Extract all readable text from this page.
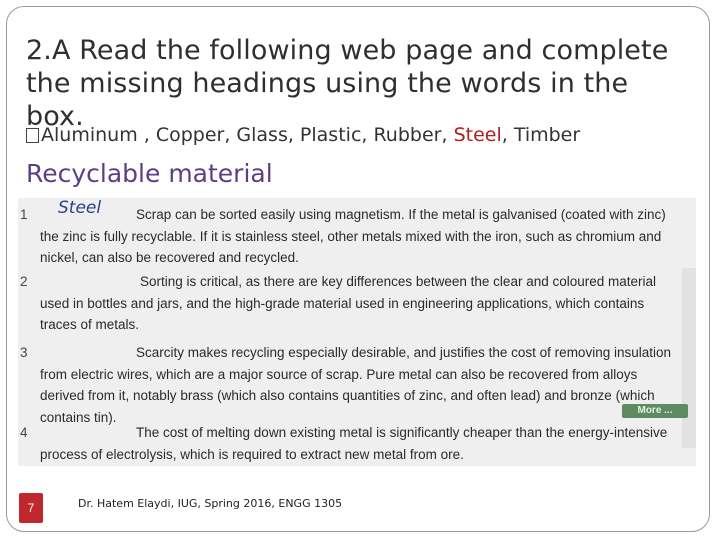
2.A Read the following web page and complete the missing headings using the words in the box.
Aluminum , Copper, Glass, Plastic, Rubber, Steel, Timber
Recyclable material
1 Steel	Scrap can be sorted easily using magnetism. If the metal is galvanised (coated with zinc) the zinc is fully recyclable. If it is stainless steel, other metals mixed with the iron, such as chromium and nickel, can also be recovered and recycled.
2	Sorting is critical, as there are key differences between the clear and coloured material used in bottles and jars, and the high-grade material used in engineering applications, which contains traces of metals.
3	Scarcity makes recycling especially desirable, and justifies the cost of removing insulation from electric wires, which are a major source of scrap. Pure metal can also be recovered from alloys derived from it, notably brass (which also contains quantities of zinc, and often lead) and bronze (which contains tin).
4	The cost of melting down existing metal is significantly cheaper than the energy-intensive process of electrolysis, which is required to extract new metal from ore.
More ...
7	Dr. Hatem Elaydi, IUG, Spring 2016, ENGG 1305
